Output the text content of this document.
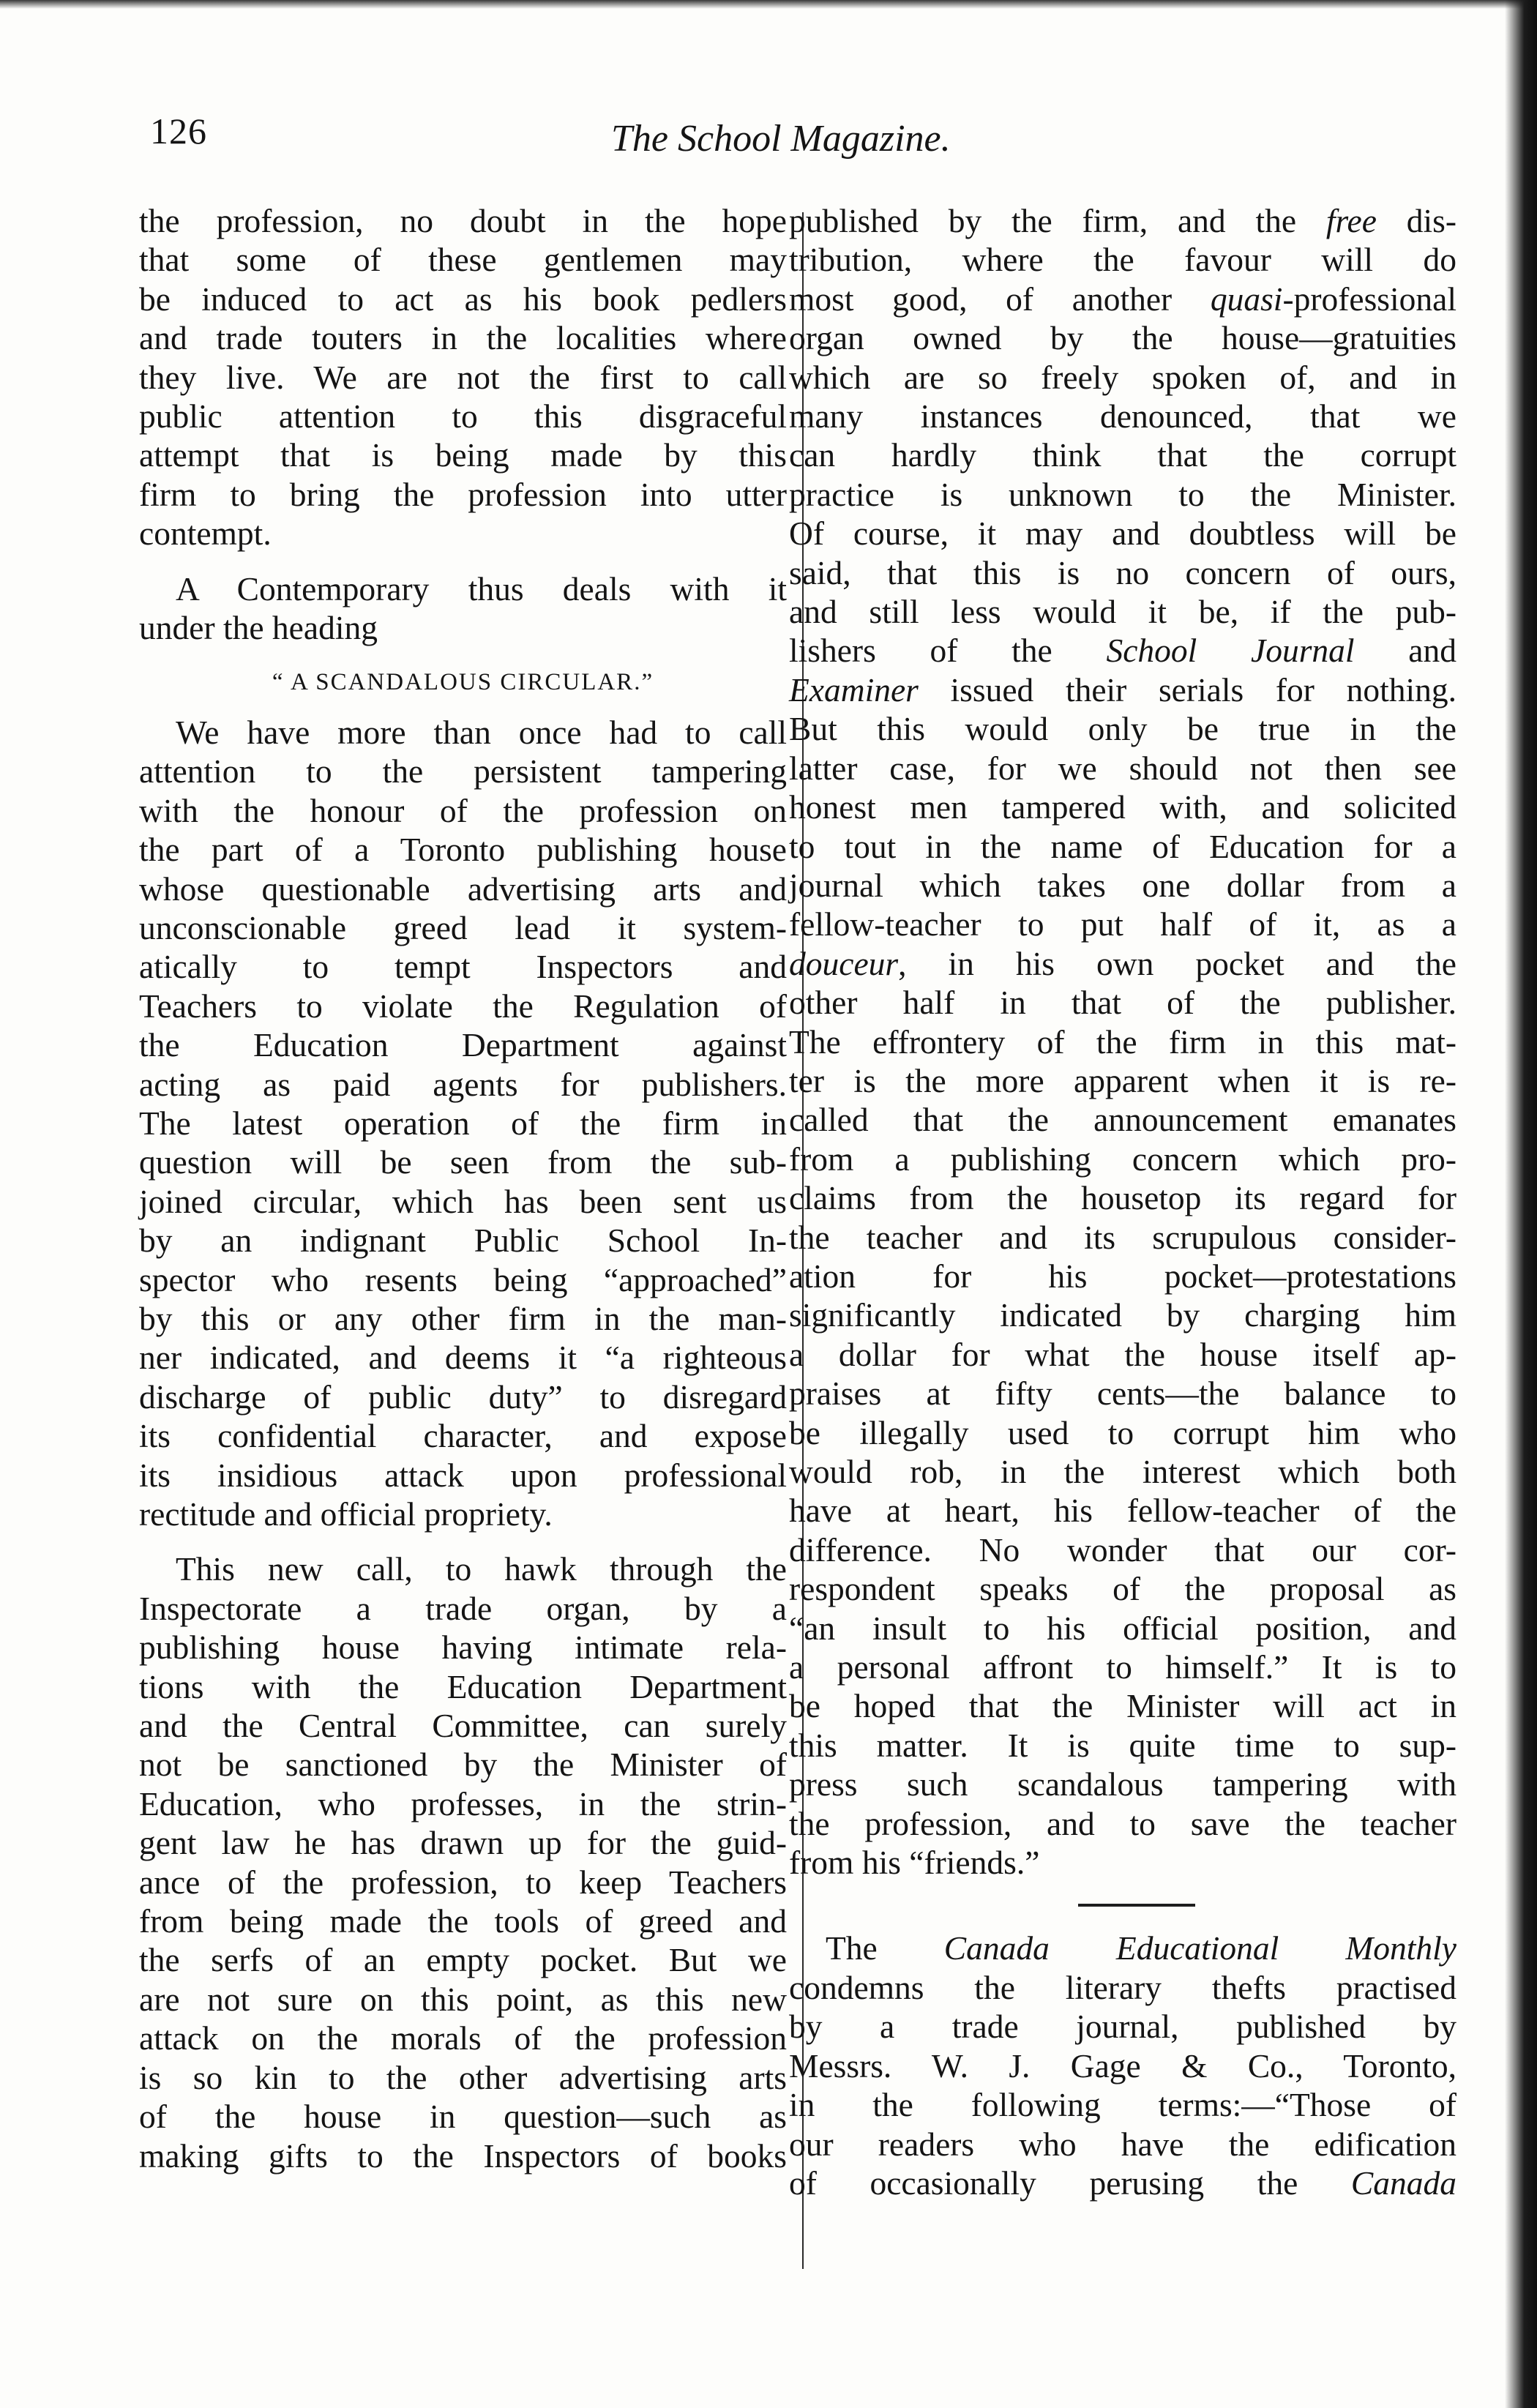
126	The School Magazine.
the profession, no doubt in the hope
that some of these gentlemen may
be induced to act as his book pedlers
and trade touters in the localities where
they live. We are not the first to call
public attention to this disgraceful
attempt that is being made by this
firm to bring the profession into utter
contempt.
A Contemporary thus deals with it
under the heading
“ A SCANDALOUS CIRCULAR.”
We have more than once had to call
attention to the persistent tampering
with the honour of the profession on
the part of a Toronto publishing house
whose questionable advertising arts and
unconscionable greed lead it system-
atically to tempt Inspectors and
Teachers to violate the Regulation of
the Education Department against
acting as paid agents for publishers.
The latest operation of the firm in
question will be seen from the sub-
joined circular, which has been sent us
by an indignant Public School In-
spector who resents being “approached”
by this or any other firm in the man-
ner indicated, and deems it “a righteous
discharge of public duty” to disregard
its confidential character, and expose
its insidious attack upon professional
rectitude and official propriety.
This new call, to hawk through the
Inspectorate a trade organ, by a
publishing house having intimate rela-
tions with the Education Department
and the Central Committee, can surely
not be sanctioned by the Minister of
Education, who professes, in the strin-
gent law he has drawn up for the guid-
ance of the profession, to keep Teachers
from being made the tools of greed and
the serfs of an empty pocket. But we
are not sure on this point, as this new
attack on the morals of the profession
is so kin to the other advertising arts
of the house in question—such as
making gifts to the Inspectors of books
published by the firm, and the free dis-
tribution, where the favour will do
most good, of another quasi-professional
organ owned by the house—gratuities
which are so freely spoken of, and in
many instances denounced, that we
can hardly think that the corrupt
practice is unknown to the Minister.
Of course, it may and doubtless will be
said, that this is no concern of ours,
and still less would it be, if the pub-
lishers of the School Journal and
Examiner issued their serials for nothing.
But this would only be true in the
latter case, for we should not then see
honest men tampered with, and solicited
to tout in the name of Education for a
journal which takes one dollar from a
fellow-teacher to put half of it, as a
douceur, in his own pocket and the
other half in that of the publisher.
The effrontery of the firm in this mat-
ter is the more apparent when it is re-
called that the announcement emanates
from a publishing concern which pro-
claims from the housetop its regard for
the teacher and its scrupulous consider-
ation for his pocket—protestations
significantly indicated by charging him
a dollar for what the house itself ap-
praises at fifty cents—the balance to
be illegally used to corrupt him who
would rob, in the interest which both
have at heart, his fellow-teacher of the
difference. No wonder that our cor-
respondent speaks of the proposal as
“an insult to his official position, and
a personal affront to himself.” It is to
be hoped that the Minister will act in
this matter. It is quite time to sup-
press such scandalous tampering with
the profession, and to save the teacher
from his “friends.”
The Canada Educational Monthly
condemns the literary thefts practised
by a trade journal, published by
Messrs. W. J. Gage & Co., Toronto,
in the following terms:—“Those of
our readers who have the edification
of occasionally perusing the Canada
